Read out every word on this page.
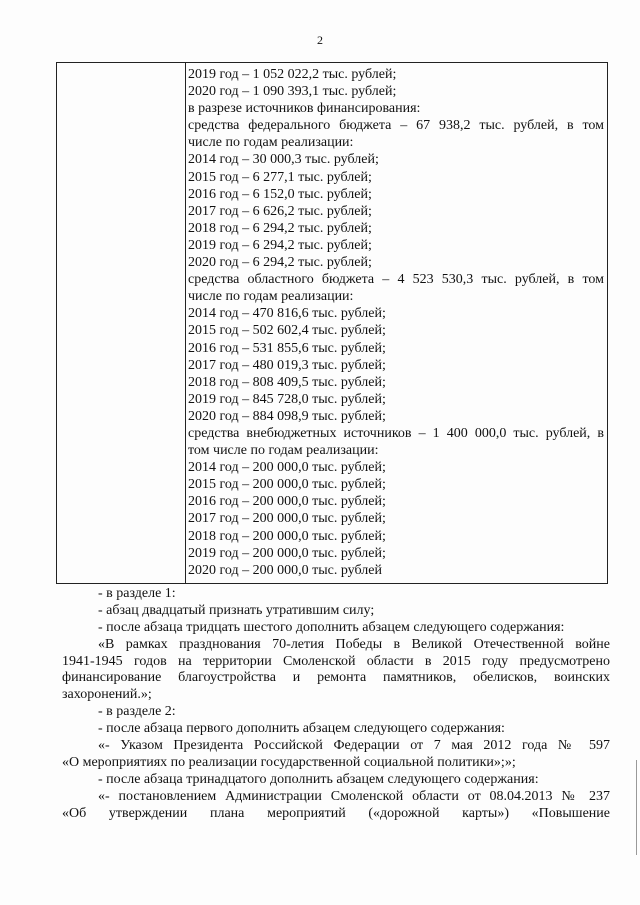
2
2019 год – 1 052 022,2 тыс. рублей;
2020 год – 1 090 393,1 тыс. рублей;
в разрезе источников финансирования:
средства федерального бюджета – 67 938,2 тыс. рублей, в том
числе по годам реализации:
2014 год – 30 000,3 тыс. рублей;
2015 год – 6 277,1 тыс. рублей;
2016 год – 6 152,0 тыс. рублей;
2017 год – 6 626,2 тыс. рублей;
2018 год – 6 294,2 тыс. рублей;
2019 год – 6 294,2 тыс. рублей;
2020 год – 6 294,2 тыс. рублей;
средства областного бюджета – 4 523 530,3 тыс. рублей, в том
числе по годам реализации:
2014 год – 470 816,6 тыс. рублей;
2015 год – 502 602,4 тыс. рублей;
2016 год – 531 855,6 тыс. рублей;
2017 год – 480 019,3 тыс. рублей;
2018 год – 808 409,5 тыс. рублей;
2019 год – 845 728,0 тыс. рублей;
2020 год – 884 098,9 тыс. рублей;
средства внебюджетных источников – 1 400 000,0 тыс. рублей, в
том числе по годам реализации:
2014 год – 200 000,0 тыс. рублей;
2015 год – 200 000,0 тыс. рублей;
2016 год – 200 000,0 тыс. рублей;
2017 год – 200 000,0 тыс. рублей;
2018 год – 200 000,0 тыс. рублей;
2019 год – 200 000,0 тыс. рублей;
2020 год – 200 000,0 тыс. рублей
- в разделе 1:
- абзац двадцатый признать утратившим силу;
- после абзаца тридцать шестого дополнить абзацем следующего содержания:
«В рамках празднования 70-летия Победы в Великой Отечественной войне
1941-1945 годов на территории Смоленской области в 2015 году предусмотрено
финансирование благоустройства и ремонта памятников, обелисков, воинских
захоронений.»;
- в разделе 2:
- после абзаца первого дополнить абзацем следующего содержания:
«- Указом Президента Российской Федерации от 7 мая 2012 года № 597
«О мероприятиях по реализации государственной социальной политики»;»;
- после абзаца тринадцатого дополнить абзацем следующего содержания:
«- постановлением Администрации Смоленской области от 08.04.2013 № 237
«Об утверждении плана мероприятий («дорожной карты») «Повышение
